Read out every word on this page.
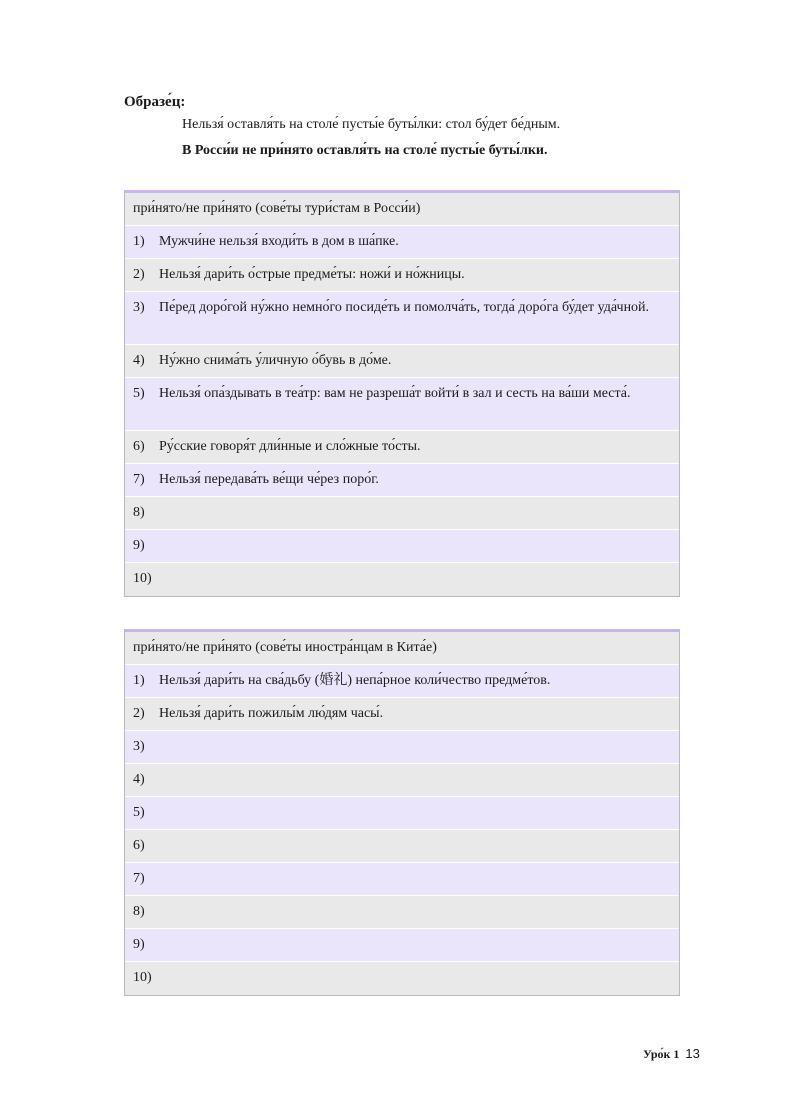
Образе́ц:
Нельзя́ оставля́ть на столе́ пусты́е буты́лки: стол бу́дет бе́дным.
В Росси́и не при́нято оставля́ть на столе́ пусты́е буты́лки.
при́нято/не при́нято (сове́ты тури́стам в Росси́и)
1)	Мужчи́не нельзя́ входи́ть в дом в ша́пке.
2)	Нельзя́ дари́ть о́стрые предме́ты: ножи́ и но́жницы.
3)	Пе́ред доро́гой ну́жно немно́го посиде́ть и помолча́ть, тогда́ доро́га бу́дет уда́чной.
4)	Ну́жно снима́ть у́личную о́бувь в до́ме.
5)	Нельзя́ опа́здывать в теа́тр: вам не разреша́т войти́ в зал и сесть на ва́ши места́.
6)	Ру́сские говоря́т дли́нные и сло́жные то́сты.
7)	Нельзя́ передава́ть ве́щи че́рез поро́г.
8)
9)
10)
при́нято/не при́нято (сове́ты иностра́нцам в Кита́е)
1)	Нельзя́ дари́ть на сва́дьбу (婚礼) непа́рное коли́чество предме́тов.
2)	Нельзя́ дари́ть пожилы́м лю́дям часы́.
3)
4)
5)
6)
7)
8)
9)
10)
Уро́к 1 13
